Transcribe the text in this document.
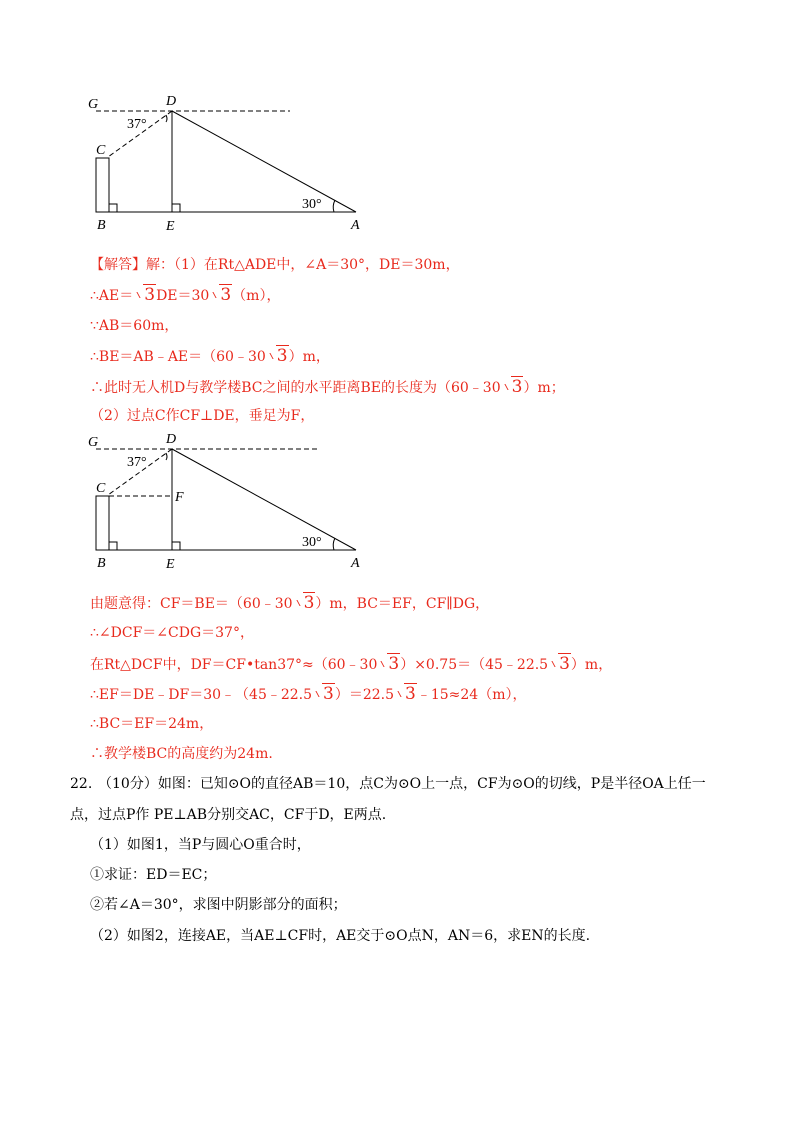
G	D
37°
C
B	E
30°
A
【解答】解：（1）在Rt△ADE中，∠A＝30°，DE＝30m，
∴AE＝ 3DE＝30 3（m），
∵AB＝60m，
∴BE＝AB﹣AE＝（60﹣30 3）m，
∴此时无人机D与教学楼BC之间的水平距离BE的长度为（60﹣30 3）m；
（2）过点C作CF⊥DE，垂足为F，
G	D
37°
C
F
B	E
30°
A
由题意得：CF＝BE＝（60﹣30 3）m，BC＝EF，CF∥DG，
∴∠DCF＝∠CDG＝37°，
在Rt△DCF中，DF＝CF•tan37°≈（60﹣30 3）×0.75＝（45﹣22.5 3）m，
∴EF＝DE﹣DF＝30﹣（45﹣22.5 3）＝22.5 3﹣15≈24（m），
∴BC＝EF＝24m，
∴教学楼BC的高度约为24m.
22. （10分）如图：已知⊙O的直径AB＝10，点C为⊙O上一点，CF为⊙O的切线，P是半径OA上任一
点，过点P作 PE⊥AB分别交AC，CF于D，E两点.
（1）如图1，当P与圆心O重合时，
①求证：ED＝EC；
②若∠A＝30°，求图中阴影部分的面积；
（2）如图2，连接AE，当AE⊥CF时，AE交于⊙O点N，AN＝6，求EN的长度.
